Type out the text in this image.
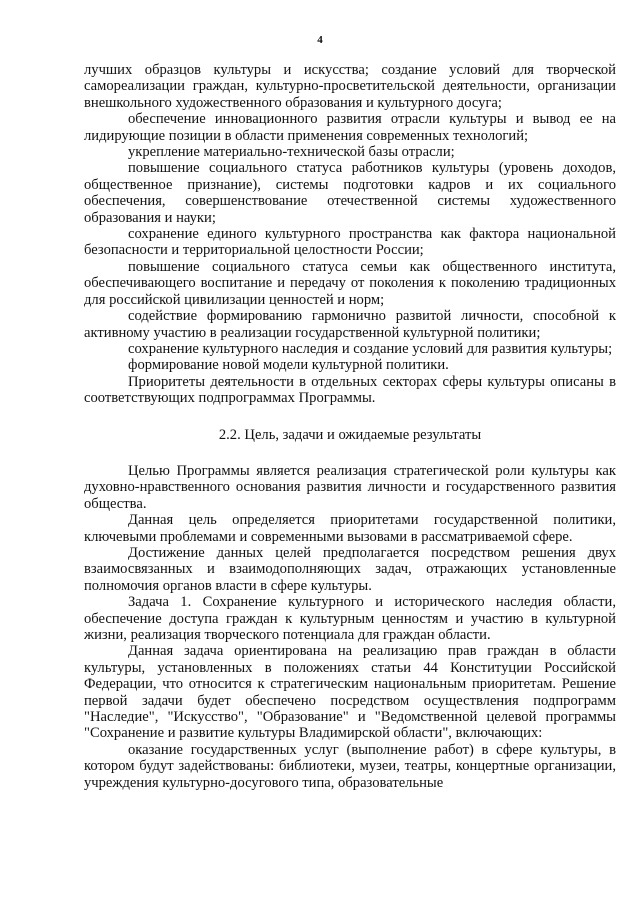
4

лучших образцов культуры и искусства; создание условий для творческой самореализации граждан, культурно-просветительской деятельности, организации внешкольного художественного образования и культурного досуга;

обеспечение инновационного развития отрасли культуры и вывод ее на лидирующие позиции в области применения современных технологий;

укрепление материально-технической базы отрасли;

повышение социального статуса работников культуры (уровень доходов, общественное признание), системы подготовки кадров и их социального обеспечения, совершенствование отечественной системы художественного образования и науки;

сохранение единого культурного пространства как фактора национальной безопасности и территориальной целостности России;

повышение социального статуса семьи как общественного института, обеспечивающего воспитание и передачу от поколения к поколению традиционных для российской цивилизации ценностей и норм;

содействие формированию гармонично развитой личности, способной к активному участию в реализации государственной культурной политики;

сохранение культурного наследия и создание условий для развития культуры;

формирование новой модели культурной политики.

Приоритеты деятельности в отдельных секторах сферы культуры описаны в соответствующих подпрограммах Программы.

2.2. Цель, задачи и ожидаемые результаты

Целью Программы является реализация стратегической роли культуры как духовно-нравственного основания развития личности и государственного развития общества.

Данная цель определяется приоритетами государственной политики, ключевыми проблемами и современными вызовами в рассматриваемой сфере.

Достижение данных целей предполагается посредством решения двух взаимосвязанных и взаимодополняющих задач, отражающих установленные полномочия органов власти в сфере культуры.

Задача 1. Сохранение культурного и исторического наследия области, обеспечение доступа граждан к культурным ценностям и участию в культурной жизни, реализация творческого потенциала для граждан области.

Данная задача ориентирована на реализацию прав граждан в области культуры, установленных в положениях статьи 44 Конституции Российской Федерации, что относится к стратегическим национальным приоритетам. Решение первой задачи будет обеспечено посредством осуществления подпрограмм "Наследие", "Искусство", "Образование" и "Ведомственной целевой программы "Сохранение и развитие культуры Владимирской области", включающих:

оказание государственных услуг (выполнение работ) в сфере культуры, в котором будут задействованы: библиотеки, музеи, театры, концертные организации, учреждения культурно-досугового типа, образовательные
